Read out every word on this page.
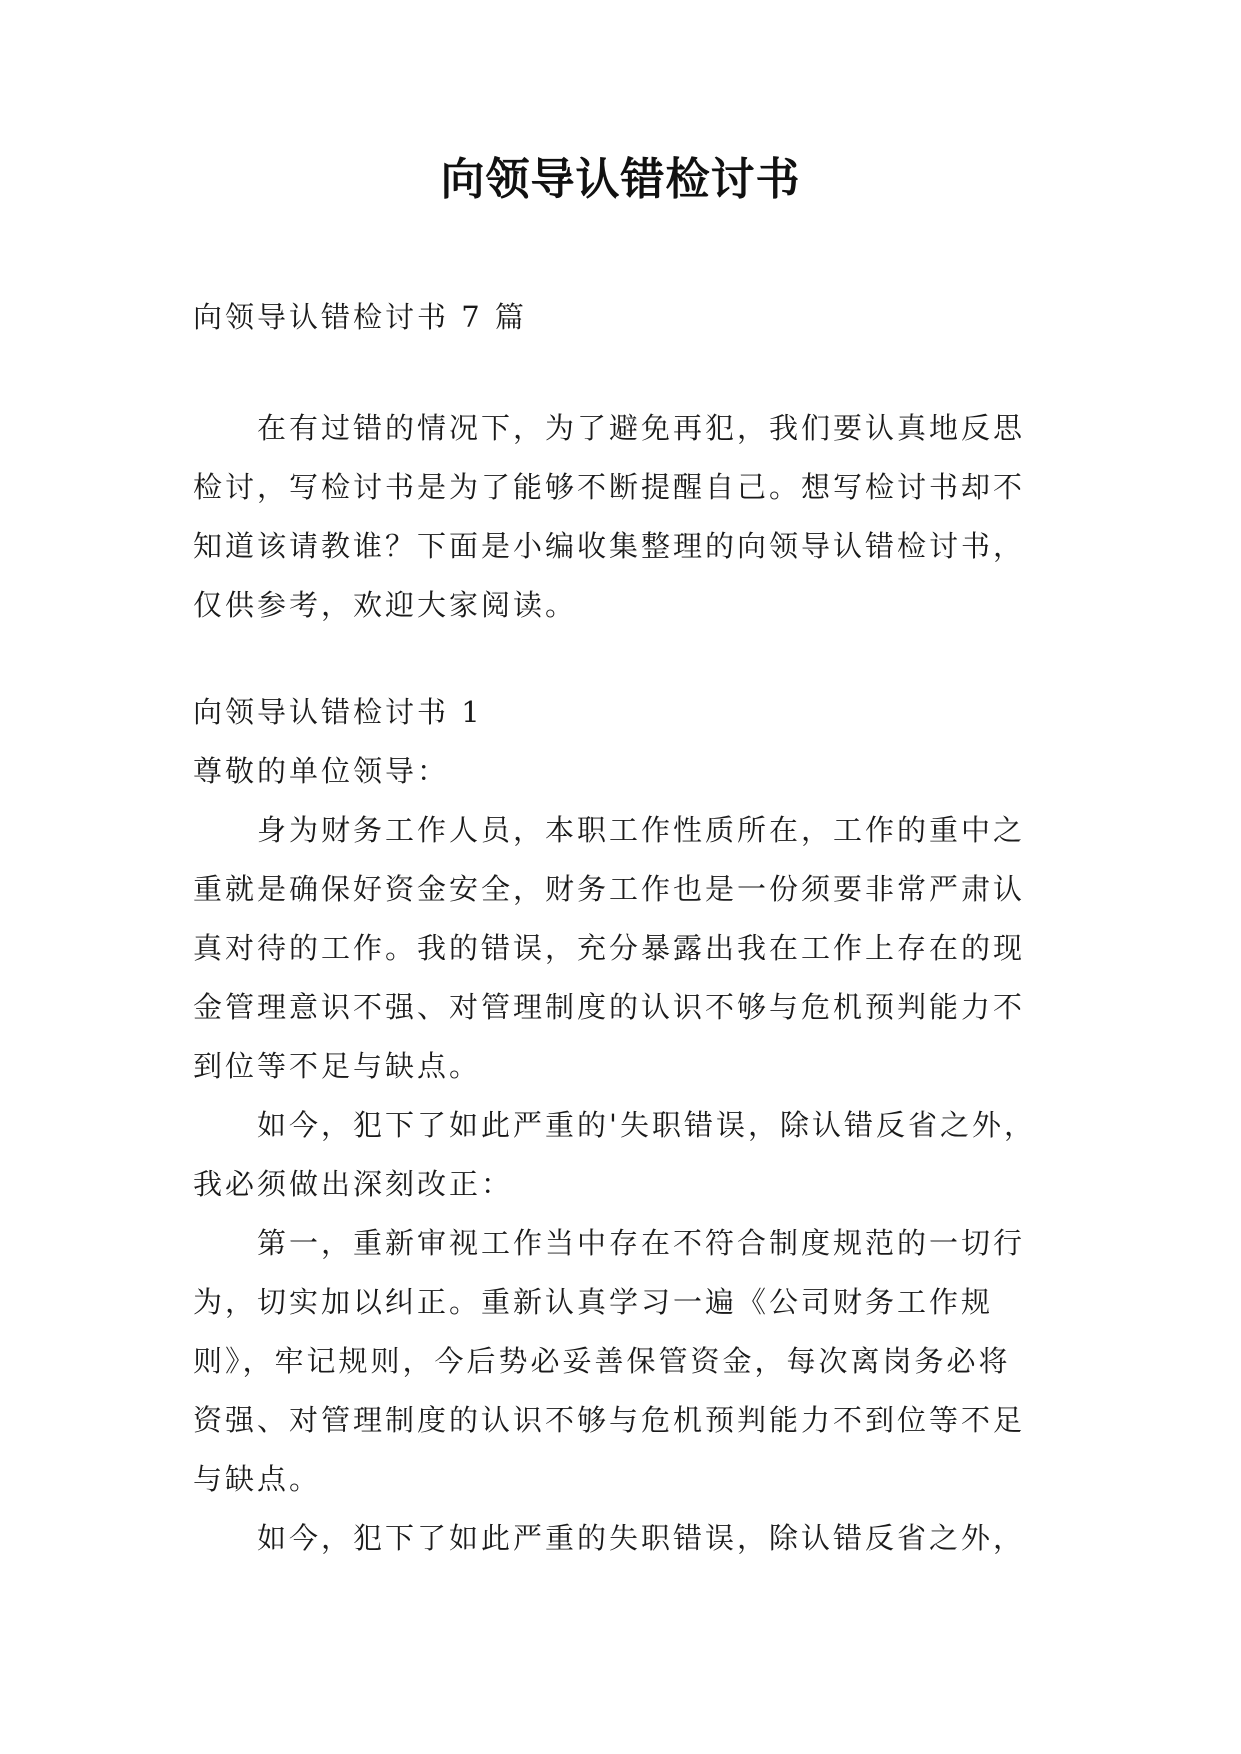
向领导认错检讨书
向领导认错检讨书 7 篇
在有过错的情况下，为了避免再犯，我们要认真地反思
检讨，写检讨书是为了能够不断提醒自己。想写检讨书却不
知道该请教谁？下面是小编收集整理的向领导认错检讨书，
仅供参考，欢迎大家阅读。
向领导认错检讨书 1
尊敬的单位领导：
身为财务工作人员，本职工作性质所在，工作的重中之
重就是确保好资金安全，财务工作也是一份须要非常严肃认
真对待的工作。我的错误，充分暴露出我在工作上存在的现
金管理意识不强、对管理制度的认识不够与危机预判能力不
到位等不足与缺点。
如今，犯下了如此严重的'失职错误，除认错反省之外，
我必须做出深刻改正：
第一，重新审视工作当中存在不符合制度规范的一切行
为，切实加以纠正。重新认真学习一遍《公司财务工作规
则》，牢记规则，今后势必妥善保管资金，每次离岗务必将
资强、对管理制度的认识不够与危机预判能力不到位等不足
与缺点。
如今，犯下了如此严重的失职错误，除认错反省之外，
